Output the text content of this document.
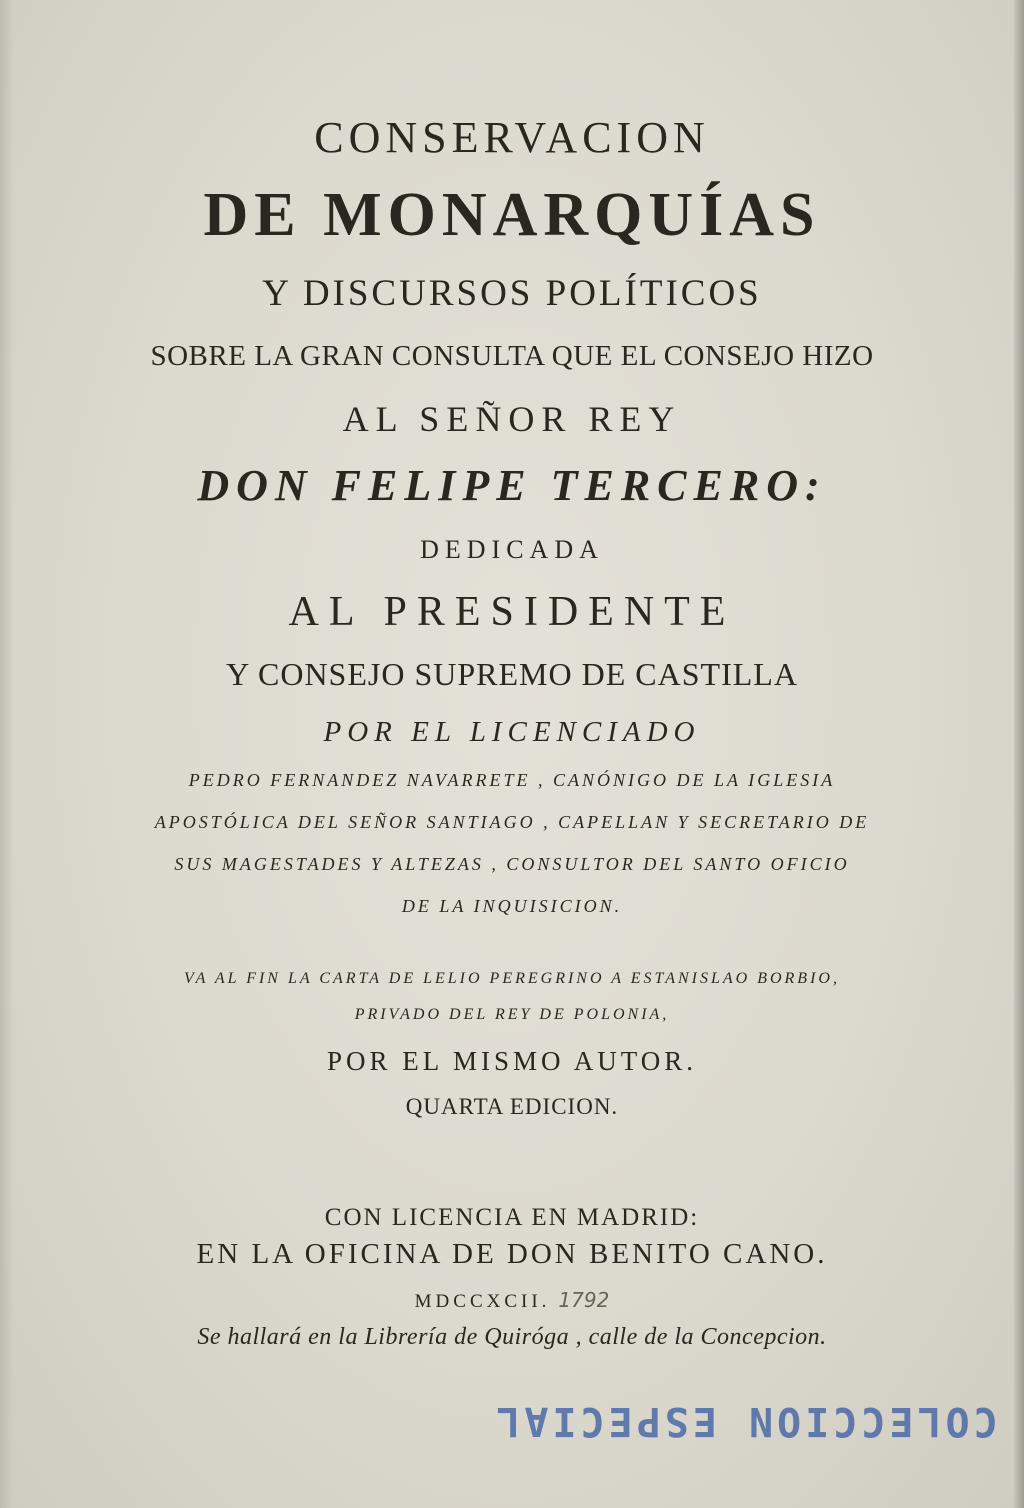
CONSERVACION
DE MONARQUÍAS
Y DISCURSOS POLÍTICOS
SOBRE LA GRAN CONSULTA QUE EL CONSEJO HIZO
AL SEÑOR REY
DON FELIPE TERCERO:
DEDICADA
AL PRESIDENTE
Y CONSEJO SUPREMO DE CASTILLA
POR EL LICENCIADO
PEDRO FERNANDEZ NAVARRETE , CANÓNIGO DE LA IGLESIA
APOSTÓLICA DEL SEÑOR SANTIAGO , CAPELLAN Y SECRETARIO DE
SUS MAGESTADES Y ALTEZAS , CONSULTOR DEL SANTO OFICIO
DE LA INQUISICION.
VA AL FIN LA CARTA DE LELIO PEREGRINO A ESTANISLAO BORBIO,
PRIVADO DEL REY DE POLONIA,
POR EL MISMO AUTOR.
QUARTA EDICION.
CON LICENCIA EN MADRID:
EN LA OFICINA DE DON BENITO CANO.
MDCCXCII. 1792
Se hallará en la Librería de Quiróga , calle de la Concepcion.
COLECCION ESPECIAL
